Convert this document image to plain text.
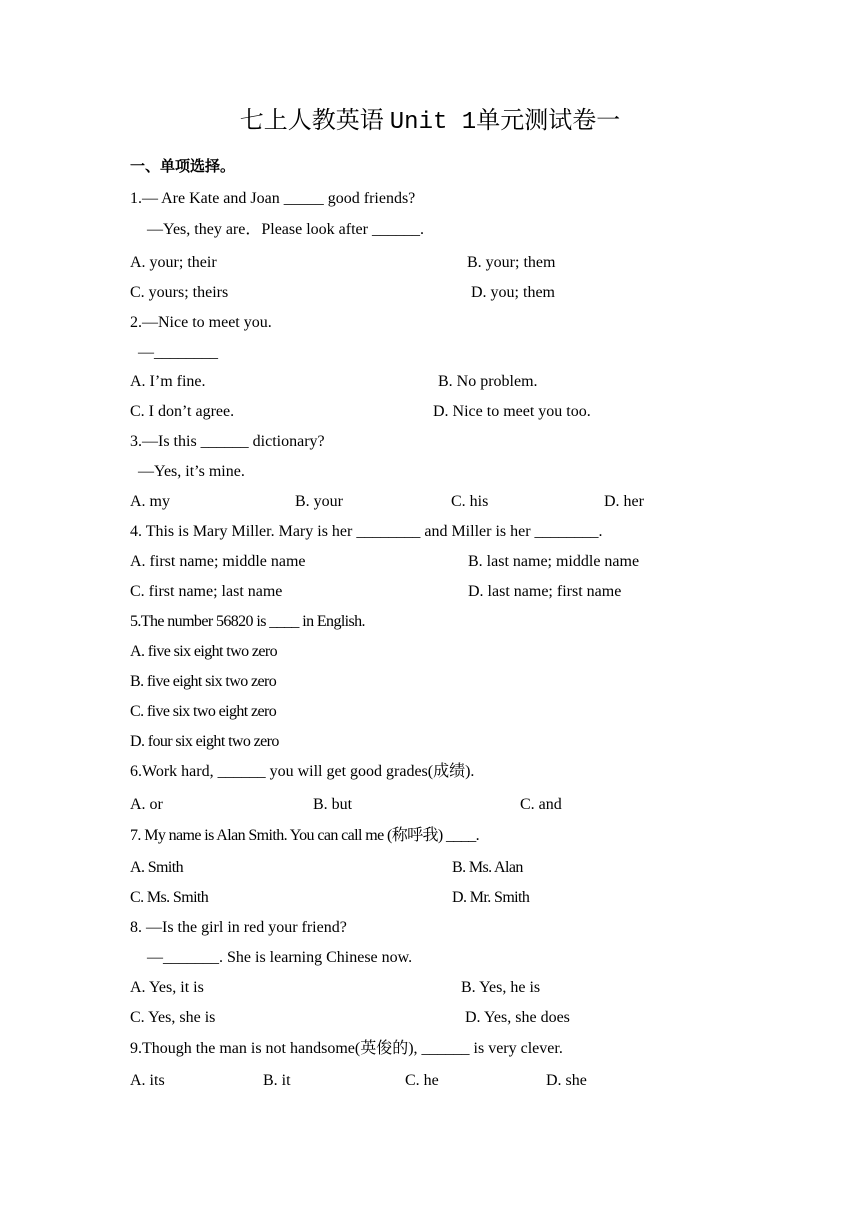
七上人教英语 Unit 1单元测试卷一
一、单项选择。
1.— Are Kate and Joan _____ good friends?
—Yes, they are．Please look after ______.
A. your; their	B. your; them
C. yours; theirs	D. you; them
2.—Nice to meet you.
—________
A. I’m fine.	B. No problem.
C. I don’t agree.	D. Nice to meet you too.
3.—Is this ______ dictionary?
—Yes, it’s mine.
A. my	B. your	C. his	D. her
4. This is Mary Miller. Mary is her ________ and Miller is her ________.
A. first name; middle name	B. last name; middle name
C. first name; last name	D. last name; first name
5.The number 56820 is ____ in English.
A. five six eight two zero
B. five eight six two zero
C. five six two eight zero
D. four six eight two zero
6.Work hard, ______ you will get good grades(成绩).
A. or	B. but	C. and
7. My name is Alan Smith. You can call me (称呼我) ____.
A. Smith	B. Ms. Alan
C. Ms. Smith	D. Mr. Smith
8. —Is the girl in red your friend?
—_______. She is learning Chinese now.
A. Yes, it is	B. Yes, he is
C. Yes, she is	D. Yes, she does
9.Though the man is not handsome(英俊的), ______ is very clever.
A. its	B. it	C. he	D. she
